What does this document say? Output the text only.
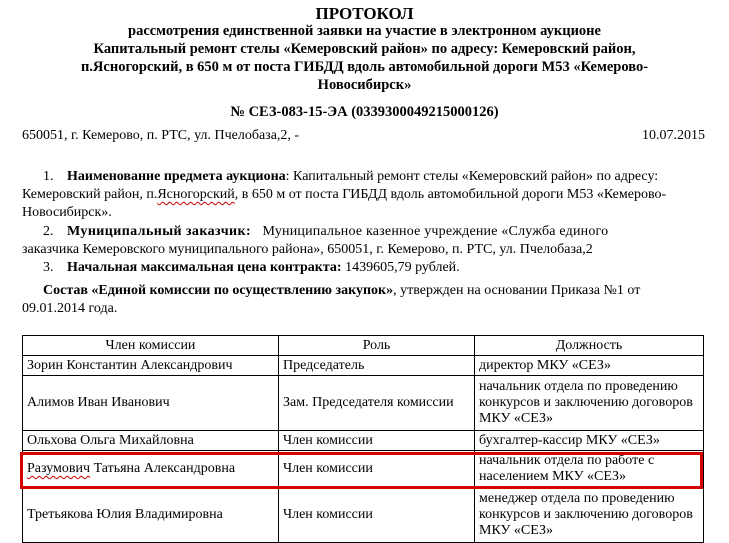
ПРОТОКОЛ
рассмотрения единственной заявки на участие в электронном аукционе
Капитальный ремонт стелы «Кемеровский район» по адресу: Кемеровский район,
п.Ясногорский, в 650 м от поста ГИБДД вдоль автомобильной дороги М53 «Кемерово-
Новосибирск»
№ СЕЗ-083-15-ЭА (0339300049215000126)
650051, г. Кемерово, п. РТС, ул. Пчелобаза,2, -	10.07.2015
1. Наименование предмета аукциона: Капитальный ремонт стелы «Кемеровский район» по адресу:
Кемеровский район, п.Ясногорский, в 650 м от поста ГИБДД вдоль автомобильной дороги М53 «Кемерово-
Новосибирск».
2. Муниципальный заказчик: Муниципальное казенное учреждение «Служба единого
заказчика Кемеровского муниципального района», 650051, г. Кемерово, п. РТС, ул. Пчелобаза,2
3. Начальная максимальная цена контракта: 1439605,79 рублей.
Состав «Единой комиссии по осуществлению закупок», утвержден на основании Приказа №1 от
09.01.2014 года.
Член комиссии	Роль	Должность
Зорин Константин Александрович	Председатель	директор МКУ «СЕЗ»
Алимов Иван Иванович	Зам. Председателя комиссии	начальник отдела по проведению конкурсов и заключению договоров МКУ «СЕЗ»
Ольхова Ольга Михайловна	Член комиссии	бухгалтер-кассир МКУ «СЕЗ»
Разумович Татьяна Александровна	Член комиссии	начальник отдела по работе с населением МКУ «СЕЗ»
Третьякова Юлия Владимировна	Член комиссии	менеджер отдела по проведению конкурсов и заключению договоров МКУ «СЕЗ»
